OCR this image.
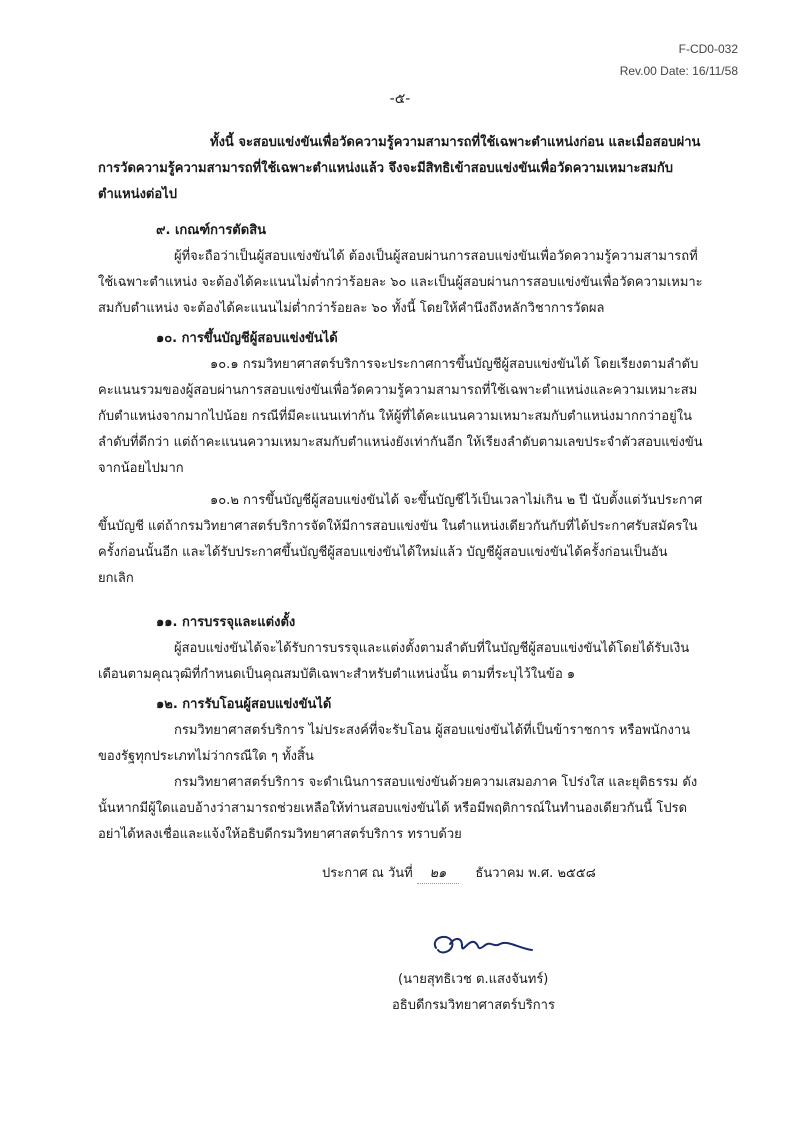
F-CD0-032
Rev.00 Date: 16/11/58
-๕-

ทั้งนี้ จะสอบแข่งขันเพื่อวัดความรู้ความสามารถที่ใช้เฉพาะตำแหน่งก่อน และเมื่อสอบผ่านการวัดความรู้ความสามารถที่ใช้เฉพาะตำแหน่งแล้ว จึงจะมีสิทธิเข้าสอบแข่งขันเพื่อวัดความเหมาะสมกับตำแหน่งต่อไป

๙. เกณฑ์การตัดสิน

ผู้ที่จะถือว่าเป็นผู้สอบแข่งขันได้ ต้องเป็นผู้สอบผ่านการสอบแข่งขันเพื่อวัดความรู้ความสามารถที่ใช้เฉพาะตำแหน่ง จะต้องได้คะแนนไม่ต่ำกว่าร้อยละ ๖๐ และเป็นผู้สอบผ่านการสอบแข่งขันเพื่อวัดความเหมาะสมกับตำแหน่ง จะต้องได้คะแนนไม่ต่ำกว่าร้อยละ ๖๐ ทั้งนี้ โดยให้คำนึงถึงหลักวิชาการวัดผล

๑๐. การขึ้นบัญชีผู้สอบแข่งขันได้

๑๐.๑ กรมวิทยาศาสตร์บริการจะประกาศการขึ้นบัญชีผู้สอบแข่งขันได้ โดยเรียงตามลำดับคะแนนรวมของผู้สอบผ่านการสอบแข่งขันเพื่อวัดความรู้ความสามารถที่ใช้เฉพาะตำแหน่งและความเหมาะสมกับตำแหน่งจากมากไปน้อย กรณีที่มีคะแนนเท่ากัน ให้ผู้ที่ได้คะแนนความเหมาะสมกับตำแหน่งมากกว่าอยู่ในลำดับที่ดีกว่า แต่ถ้าคะแนนความเหมาะสมกับตำแหน่งยังเท่ากันอีก ให้เรียงลำดับตามเลขประจำตัวสอบแข่งขันจากน้อยไปมาก

๑๐.๒ การขึ้นบัญชีผู้สอบแข่งขันได้ จะขึ้นบัญชีไว้เป็นเวลาไม่เกิน ๒ ปี นับตั้งแต่วันประกาศขึ้นบัญชี แต่ถ้ากรมวิทยาศาสตร์บริการจัดให้มีการสอบแข่งขัน ในตำแหน่งเดียวกันกับที่ได้ประกาศรับสมัครในครั้งก่อนนั้นอีก และได้รับประกาศขึ้นบัญชีผู้สอบแข่งขันได้ใหม่แล้ว บัญชีผู้สอบแข่งขันได้ครั้งก่อนเป็นอันยกเลิก

๑๑. การบรรจุและแต่งตั้ง

ผู้สอบแข่งขันได้จะได้รับการบรรจุและแต่งตั้งตามลำดับที่ในบัญชีผู้สอบแข่งขันได้โดยได้รับเงินเดือนตามคุณวุฒิที่กำหนดเป็นคุณสมบัติเฉพาะสำหรับตำแหน่งนั้น ตามที่ระบุไว้ในข้อ ๑

๑๒. การรับโอนผู้สอบแข่งขันได้

กรมวิทยาศาสตร์บริการ ไม่ประสงค์ที่จะรับโอน ผู้สอบแข่งขันได้ที่เป็นข้าราชการ หรือพนักงานของรัฐทุกประเภทไม่ว่ากรณีใด ๆ ทั้งสิ้น

กรมวิทยาศาสตร์บริการ จะดำเนินการสอบแข่งขันด้วยความเสมอภาค โปร่งใส และยุติธรรม ดังนั้นหากมีผู้ใดแอบอ้างว่าสามารถช่วยเหลือให้ท่านสอบแข่งขันได้ หรือมีพฤติการณ์ในทำนองเดียวกันนี้ โปรดอย่าได้หลงเชื่อและแจ้งให้อธิบดีกรมวิทยาศาสตร์บริการ ทราบด้วย

ประกาศ ณ วันที่ ๒๑ ธันวาคม พ.ศ. ๒๕๕๘
(นายสุทธิเวช ต.แสงจันทร์)
อธิบดีกรมวิทยาศาสตร์บริการ
